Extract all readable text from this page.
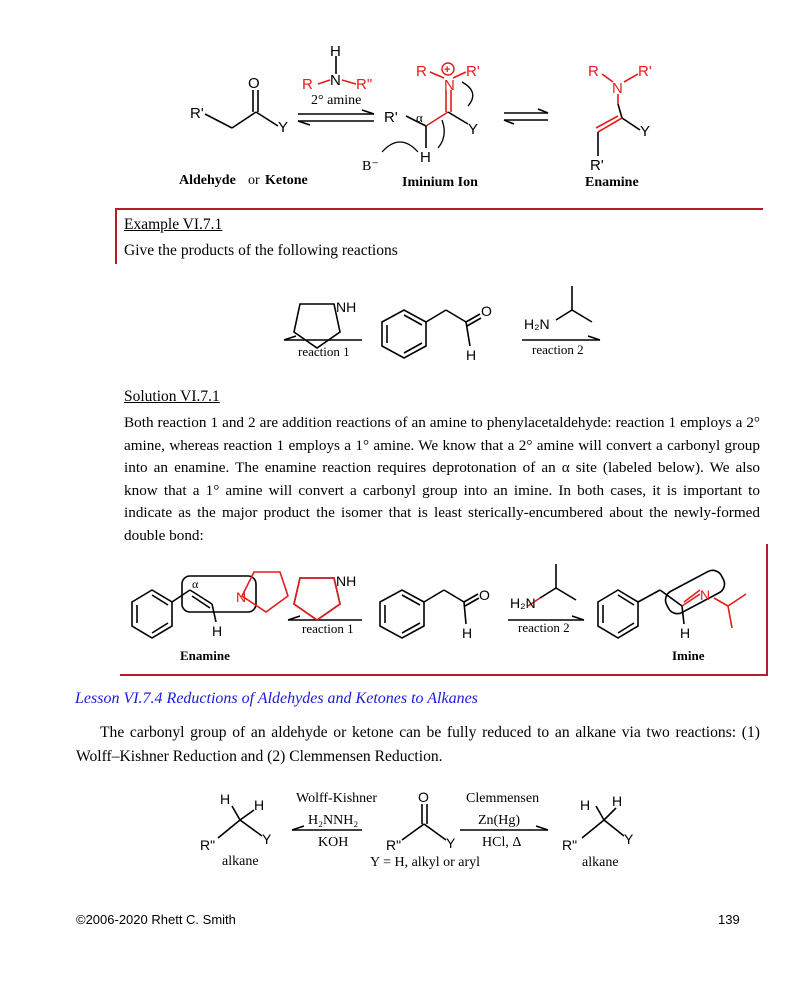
O
R'
Y
H
N
R	R"
2° amine
R
N
R'
+
R' α
Y
H
B⁻
R
N
R'
Y
R'
Aldehyde or Ketone	Iminium Ion	Enamine
Example VI.7.1
Give the products of the following reactions
NH	O
H
H₂N
reaction 1	reaction 2
Solution VI.7.1
Both reaction 1 and 2 are addition reactions of an amine to phenylacetaldehyde: reaction 1 employs a 2° amine, whereas reaction 1 employs a 1° amine. We know that a 2° amine will convert a carbonyl group into an enamine. The enamine reaction requires deprotonation of an α site (labeled below). We also know that a 1° amine will convert a carbonyl group into an imine. In both cases, it is important to indicate as the major product the isomer that is least sterically-encumbered about the newly-formed double bond:
N
α
H
NH
O
H
H₂N	N
H
reaction 1	reaction 2
Enamine	Imine
Lesson VI.7.4 Reductions of Aldehydes and Ketones to Alkanes
The carbonyl group of an aldehyde or ketone can be fully reduced to an alkane via two reactions: (1) Wolff–Kishner Reduction and (2) Clemmensen Reduction.
H H
R"	Y
alkane
Wolff-Kishner
H₂NNH₂
KOH
O
R"	Y
Y = H, alkyl or aryl
Clemmensen
Zn(Hg)
HCl, Δ
H H
R"	Y
alkane
©2006-2020 Rhett C. Smith	139
